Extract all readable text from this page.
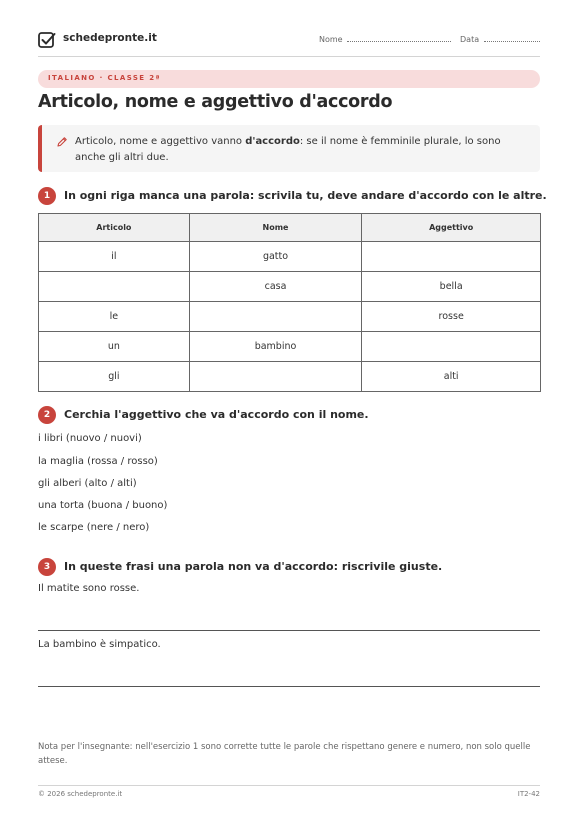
schedepronte.it	Nome	Data
ITALIANO · CLASSE 2ª
Articolo, nome e aggettivo d'accordo

Articolo, nome e aggettivo vanno d'accordo: se il nome è femminile plurale, lo sono anche gli altri due.

1	In ogni riga manca una parola: scrivila tu, deve andare d'accordo con le altre.
Articolo	Nome	Aggettivo
il	gatto	
	casa	bella
le		rosse
un	bambino	
gli		alti
2	Cerchia l'aggettivo che va d'accordo con il nome.
i libri (nuovo / nuovi)
la maglia (rossa / rosso)
gli alberi (alto / alti)
una torta (buona / buono)
le scarpe (nere / nero)
3	In queste frasi una parola non va d'accordo: riscrivile giuste.
Il matite sono rosse.
La bambino è simpatico.
Nota per l'insegnante: nell'esercizio 1 sono corrette tutte le parole che rispettano genere e numero, non solo quelle attese.
© 2026 schedepronte.it	IT2-42
